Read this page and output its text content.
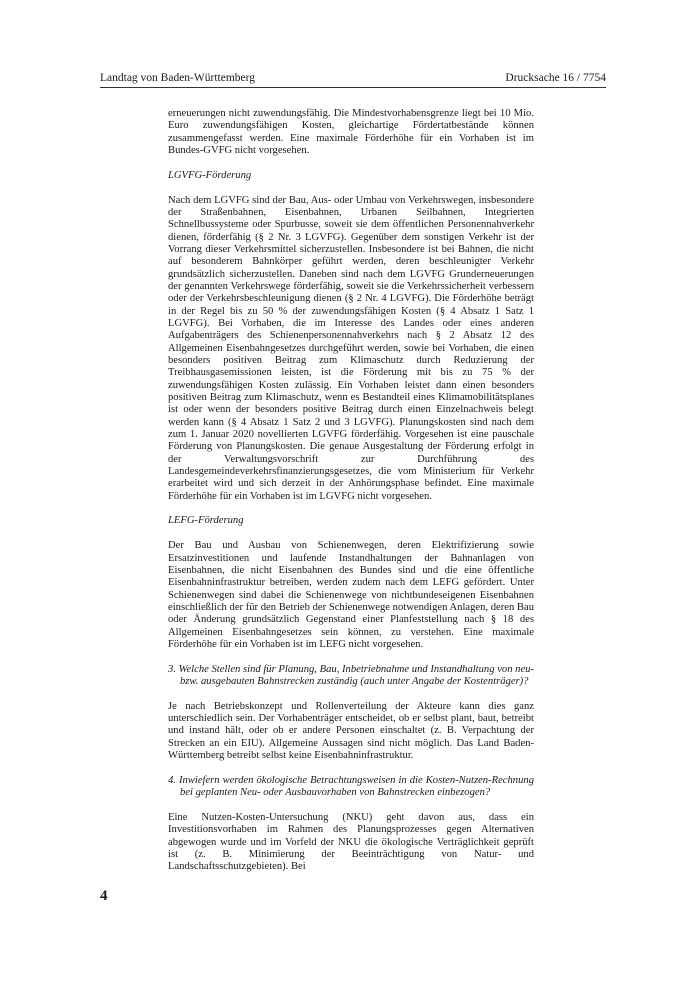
Landtag von Baden-Württemberg	Drucksache 16 / 7754

erneuerungen nicht zuwendungsfähig. Die Mindestvorhabensgrenze liegt bei 10 Mio. Euro zuwendungsfähigen Kosten, gleichartige Fördertatbestände können zusammengefasst werden. Eine maximale Förderhöhe für ein Vorhaben ist im Bundes-GVFG nicht vorgesehen.

LGVFG-Förderung

Nach dem LGVFG sind der Bau, Aus- oder Umbau von Verkehrswegen, insbesondere der Straßenbahnen, Eisenbahnen, Urbanen Seilbahnen, Integrierten Schnellbussysteme oder Spurbusse, soweit sie dem öffentlichen Personennahverkehr dienen, förderfähig (§ 2 Nr. 3 LGVFG). Gegenüber dem sonstigen Verkehr ist der Vorrang dieser Verkehrsmittel sicherzustellen. Insbesondere ist bei Bahnen, die nicht auf besonderem Bahnkörper geführt werden, deren beschleunigter Verkehr grundsätzlich sicherzustellen. Daneben sind nach dem LGVFG Grunderneuerungen der genannten Verkehrswege förderfähig, soweit sie die Verkehrssicherheit verbessern oder der Verkehrsbeschleunigung dienen (§ 2 Nr. 4 LGVFG). Die Förderhöhe beträgt in der Regel bis zu 50 % der zuwendungsfähigen Kosten (§ 4 Absatz 1 Satz 1 LGVFG). Bei Vorhaben, die im Interesse des Landes oder eines anderen Aufgabenträgers des Schienenpersonennahverkehrs nach § 2 Absatz 12 des Allgemeinen Eisenbahngesetzes durchgeführt werden, sowie bei Vorhaben, die einen besonders positiven Beitrag zum Klimaschutz durch Reduzierung der Treibhausgasemissionen leisten, ist die Förderung mit bis zu 75 % der zuwendungsfähigen Kosten zulässig. Ein Vorhaben leistet dann einen besonders positiven Beitrag zum Klimaschutz, wenn es Bestandteil eines Klimamobilitätsplanes ist oder wenn der besonders positive Beitrag durch einen Einzelnachweis belegt werden kann (§ 4 Absatz 1 Satz 2 und 3 LGVFG). Planungskosten sind nach dem zum 1. Januar 2020 novellierten LGVFG förderfähig. Vorgesehen ist eine pauschale Förderung von Planungskosten. Die genaue Ausgestaltung der Förderung erfolgt in der Verwaltungsvorschrift zur Durchführung des Landesgemeindeverkehrsfinanzierungsgesetzes, die vom Ministerium für Verkehr erarbeitet wird und sich derzeit in der Anhörungsphase befindet. Eine maximale Förderhöhe für ein Vorhaben ist im LGVFG nicht vorgesehen.

LEFG-Förderung

Der Bau und Ausbau von Schienenwegen, deren Elektrifizierung sowie Ersatzinvestitionen und laufende Instandhaltungen der Bahnanlagen von Eisenbahnen, die nicht Eisenbahnen des Bundes sind und die eine öffentliche Eisenbahninfrastruktur betreiben, werden zudem nach dem LEFG gefördert. Unter Schienenwegen sind dabei die Schienenwege von nichtbundeseigenen Eisenbahnen einschließlich der für den Betrieb der Schienenwege notwendigen Anlagen, deren Bau oder Änderung grundsätzlich Gegenstand einer Planfeststellung nach § 18 des Allgemeinen Eisenbahngesetzes sein können, zu verstehen. Eine maximale Förderhöhe für ein Vorhaben ist im LEFG nicht vorgesehen.

3. Welche Stellen sind für Planung, Bau, Inbetriebnahme und Instandhaltung von neu- bzw. ausgebauten Bahnstrecken zuständig (auch unter Angabe der Kostenträger)?

Je nach Betriebskonzept und Rollenverteilung der Akteure kann dies ganz unterschiedlich sein. Der Vorhabenträger entscheidet, ob er selbst plant, baut, betreibt und instand hält, oder ob er andere Personen einschaltet (z. B. Verpachtung der Strecken an ein EIU). Allgemeine Aussagen sind nicht möglich. Das Land Baden-Württemberg betreibt selbst keine Eisenbahninfrastruktur.

4. Inwiefern werden ökologische Betrachtungsweisen in die Kosten-Nutzen-Rechnung bei geplanten Neu- oder Ausbauvorhaben von Bahnstrecken einbezogen?

Eine Nutzen-Kosten-Untersuchung (NKU) geht davon aus, dass ein Investitionsvorhaben im Rahmen des Planungsprozesses gegen Alternativen abgewogen wurde und im Vorfeld der NKU die ökologische Verträglichkeit geprüft ist (z. B. Minimierung der Beeinträchtigung von Natur- und Landschaftsschutzgebieten). Bei

4
